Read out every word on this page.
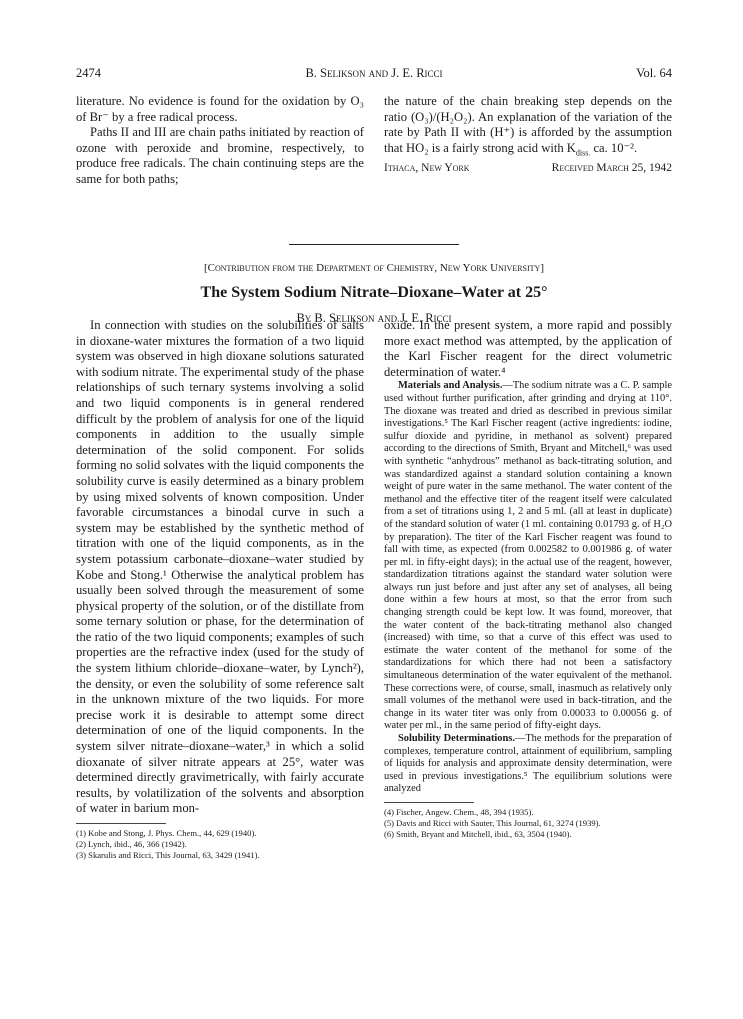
2474	B. Selikson and J. E. Ricci	Vol. 64

literature. No evidence is found for the oxidation by O₃ of Br⁻ by a free radical process.

Paths II and III are chain paths initiated by reaction of ozone with peroxide and bromine, respectively, to produce free radicals. The chain continuing steps are the same for both paths;

the nature of the chain breaking step depends on the ratio (O₃)/(H₂O₂). An explanation of the variation of the rate by Path II with (H⁺) is afforded by the assumption that HO₂ is a fairly strong acid with $K_{diss.}$ ca. 10⁻².

Ithaca, New York	Received March 25, 1942

[Contribution from the Department of Chemistry, New York University]
The System Sodium Nitrate–Dioxane–Water at 25°
By B. Selikson and J. E. Ricci

In connection with studies on the solubilities of salts in dioxane-water mixtures the formation of a two liquid system was observed in high dioxane solutions saturated with sodium nitrate. The experimental study of the phase relationships of such ternary systems involving a solid and two liquid components is in general rendered difficult by the problem of analysis for one of the liquid components in addition to the usually simple determination of the solid component. For solids forming no solid solvates with the liquid components the solubility curve is easily determined as a binary problem by using mixed solvents of known composition. Under favorable circumstances a binodal curve in such a system may be established by the synthetic method of titration with one of the liquid components, as in the system potassium carbonate–dioxane–water studied by Kobe and Stong.¹ Otherwise the analytical problem has usually been solved through the measurement of some physical property of the solution, or of the distillate from some ternary solution or phase, for the determination of the ratio of the two liquid components; examples of such properties are the refractive index (used for the study of the system lithium chloride–dioxane–water, by Lynch²), the density, or even the solubility of some reference salt in the unknown mixture of the two liquids. For more precise work it is desirable to attempt some direct determination of one of the liquid components. In the system silver nitrate–dioxane–water,³ in which a solid dioxanate of silver nitrate appears at 25°, water was determined directly gravimetrically, with fairly accurate results, by volatilization of the solvents and absorption of water in barium mon-

(1) Kobe and Stong, J. Phys. Chem., 44, 629 (1940).

(2) Lynch, ibid., 46, 366 (1942).

(3) Skarulis and Ricci, This Journal, 63, 3429 (1941).

oxide. In the present system, a more rapid and possibly more exact method was attempted, by the application of the Karl Fischer reagent for the direct volumetric determination of water.⁴

Materials and Analysis.—The sodium nitrate was a C. P. sample used without further purification, after grinding and drying at 110°. The dioxane was treated and dried as described in previous similar investigations.⁵ The Karl Fischer reagent (active ingredients: iodine, sulfur dioxide and pyridine, in methanol as solvent) prepared according to the directions of Smith, Bryant and Mitchell,⁶ was used with synthetic “anhydrous” methanol as back-titrating solution, and was standardized against a standard solution containing a known weight of pure water in the same methanol. The water content of the methanol and the effective titer of the reagent itself were calculated from a set of titrations using 1, 2 and 5 ml. (all at least in duplicate) of the standard solution of water (1 ml. containing 0.01793 g. of H₂O by preparation). The titer of the Karl Fischer reagent was found to fall with time, as expected (from 0.002582 to 0.001986 g. of water per ml. in fifty-eight days); in the actual use of the reagent, however, standardization titrations against the standard water solution were always run just before and just after any set of analyses, all being done within a few hours at most, so that the error from such changing strength could be kept low. It was found, moreover, that the water content of the back-titrating methanol also changed (increased) with time, so that a curve of this effect was used to estimate the water content of the methanol for some of the standardizations for which there had not been a satisfactory simultaneous determination of the water equivalent of the methanol. These corrections were, of course, small, inasmuch as relatively only small volumes of the methanol were used in back-titration, and the change in its water titer was only from 0.00033 to 0.00056 g. of water per ml., in the same period of fifty-eight days.

Solubility Determinations.—The methods for the preparation of complexes, temperature control, attainment of equilibrium, sampling of liquids for analysis and approximate density determination, were used in previous investigations.⁵ The equilibrium solutions were analyzed

(4) Fischer, Angew. Chem., 48, 394 (1935).

(5) Davis and Ricci with Sauter, This Journal, 61, 3274 (1939).

(6) Smith, Bryant and Mitchell, ibid., 63, 3504 (1940).
